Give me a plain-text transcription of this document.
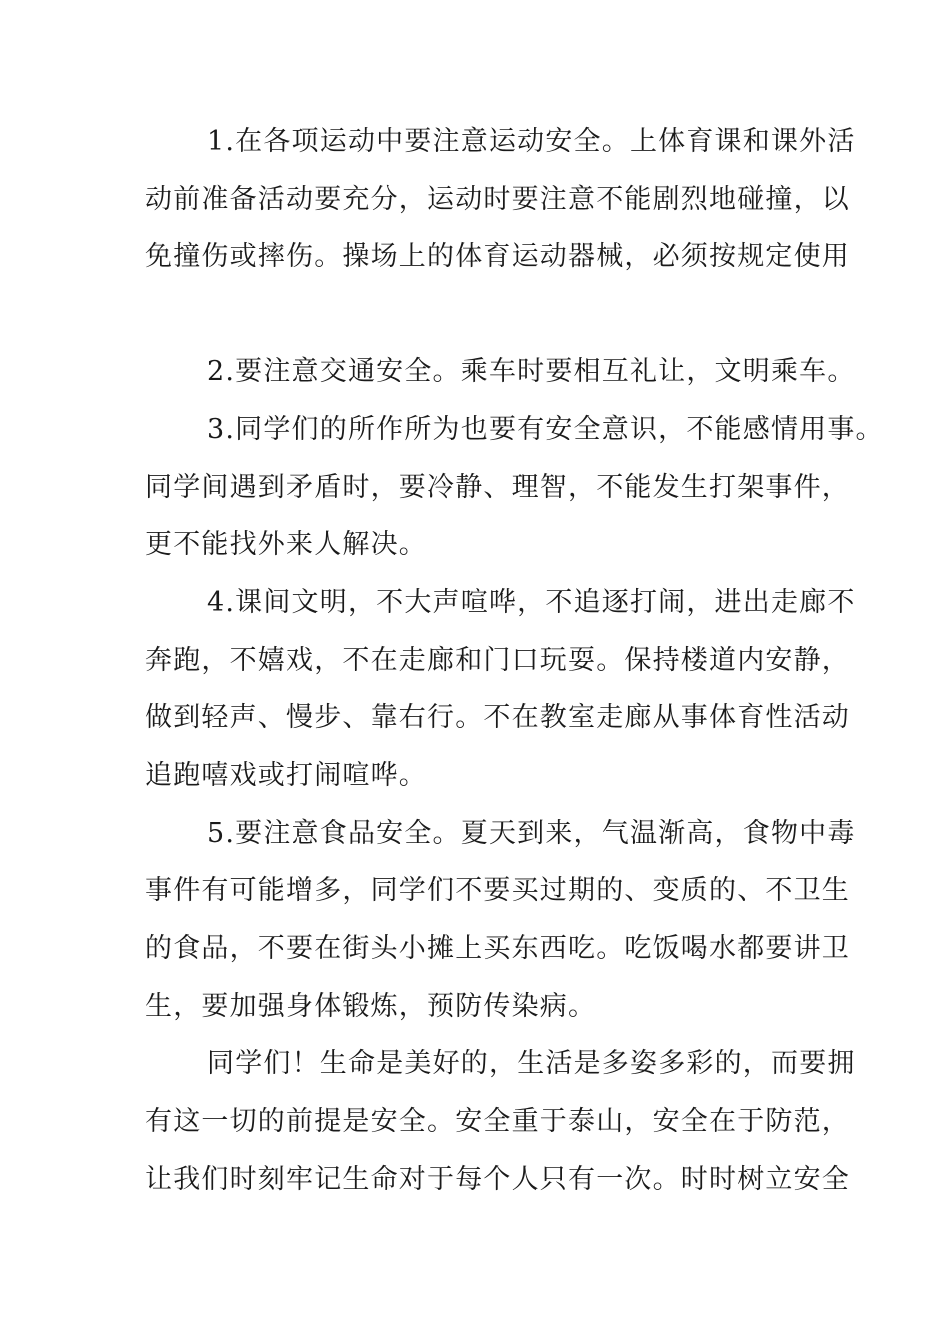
1.在各项运动中要注意运动安全。上体育课和课外活
动前准备活动要充分，运动时要注意不能剧烈地碰撞，以
免撞伤或摔伤。操场上的体育运动器械，必须按规定使用
2.要注意交通安全。乘车时要相互礼让，文明乘车。
3.同学们的所作所为也要有安全意识，不能感情用事。
同学间遇到矛盾时，要冷静、理智，不能发生打架事件，
更不能找外来人解决。
4.课间文明，不大声喧哗，不追逐打闹，进出走廊不
奔跑，不嬉戏，不在走廊和门口玩耍。保持楼道内安静，
做到轻声、慢步、靠右行。不在教室走廊从事体育性活动
追跑嘻戏或打闹喧哗。
5.要注意食品安全。夏天到来，气温渐高，食物中毒
事件有可能增多，同学们不要买过期的、变质的、不卫生
的食品，不要在街头小摊上买东西吃。吃饭喝水都要讲卫
生，要加强身体锻炼，预防传染病。
同学们！生命是美好的，生活是多姿多彩的，而要拥
有这一切的前提是安全。安全重于泰山，安全在于防范，
让我们时刻牢记生命对于每个人只有一次。时时树立安全
